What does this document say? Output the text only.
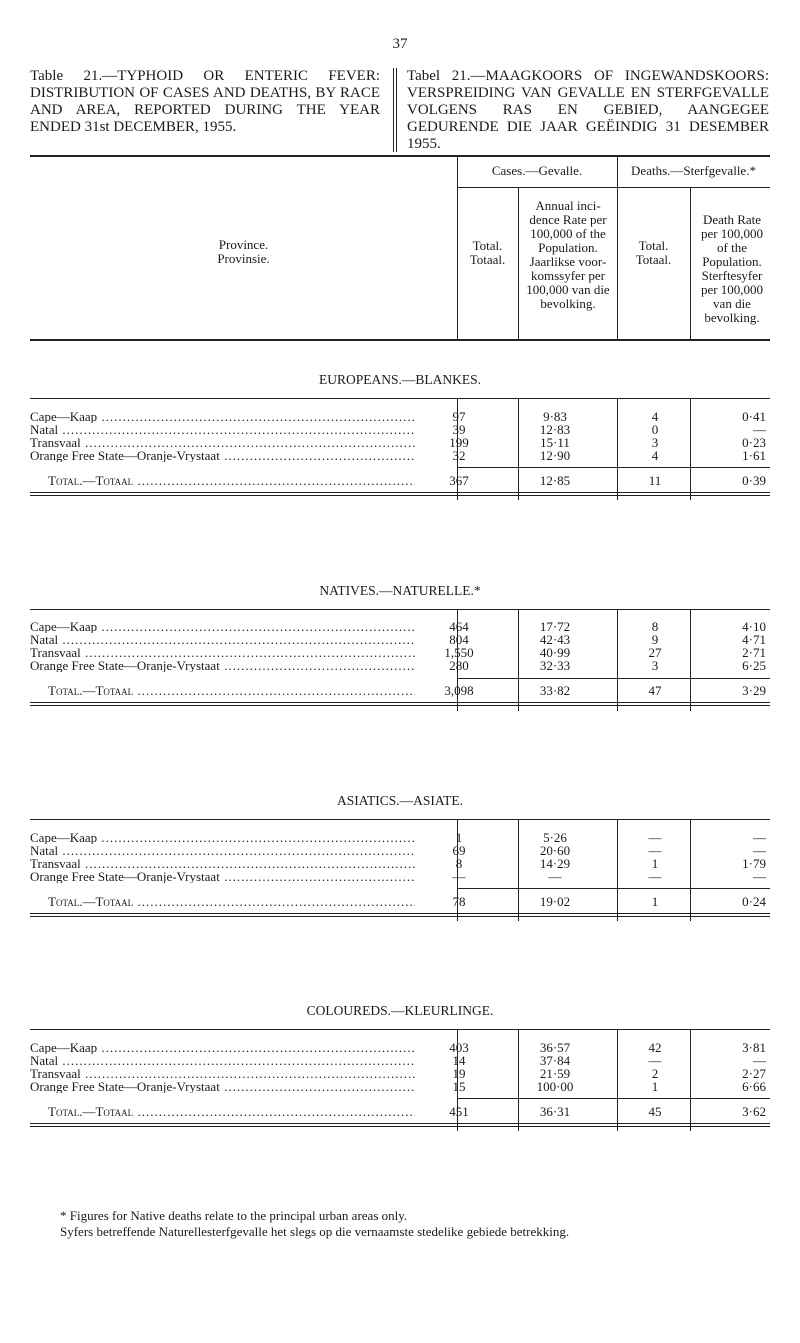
37
Table 21.—TYPHOID OR ENTERIC FEVER: DISTRIBUTION OF CASES AND DEATHS, BY RACE AND AREA, REPORTED DURING THE YEAR ENDED 31st DECEMBER, 1955.
Tabel 21.—MAAGKOORS OF INGEWANDSKOORS: VERSPREIDING VAN GEVALLE EN STERFGEVALLE VOLGENS RAS EN GEBIED, AANGEGEE GEDURENDE DIE JAAR GEËINDIG 31 DESEMBER 1955.
Province.
Provinsie.
Cases.—Gevalle.	Deaths.—Sterfgevalle.*
Total.
Totaal.
Annual inci-dence Rate per 100,000 of the Population.
Jaarlikse voor-komssyfer per 100,000 van die bevolking.
Total.
Totaal.
Death Rate per 100,000 of the Population.
Sterftesyfer per 100,000 van die bevolking.
EUROPEANS.—BLANKES.
Cape—Kaap .....	97	9·83	4	0·41
Natal .....	39	12·83	0	—
Transvaal .....	199	15·11	3	0·23
Orange Free State—Oranje-Vrystaat .....	32	12·90	4	1·61
Total.—Totaal .....	367	12·85	11	0·39
NATIVES.—NATURELLE.*
Cape—Kaap .....	464	17·72	8	4·10
Natal .....	804	42·43	9	4·71
Transvaal .....	1,550	40·99	27	2·71
Orange Free State—Oranje-Vrystaat .....	280	32·33	3	6·25
Total.—Totaal .....	3,098	33·82	47	3·29
ASIATICS.—ASIATE.
Cape—Kaap .....	1	5·26	—	—
Natal .....	69	20·60	—	—
Transvaal .....	8	14·29	1	1·79
Orange Free State—Oranje-Vrystaat .....	—	—	—	—
Total.—Totaal .....	78	19·02	1	0·24
COLOUREDS.—KLEURLINGE.
Cape—Kaap .....	403	36·57	42	3·81
Natal .....	14	37·84	—	—
Transvaal .....	19	21·59	2	2·27
Orange Free State—Oranje-Vrystaat .....	15	100·00	1	6·66
Total.—Totaal .....	451	36·31	45	3·62
* Figures for Native deaths relate to the principal urban areas only.
Syfers betreffende Naturellesterfgevalle het slegs op die vernaamste stedelike gebiede betrekking.
